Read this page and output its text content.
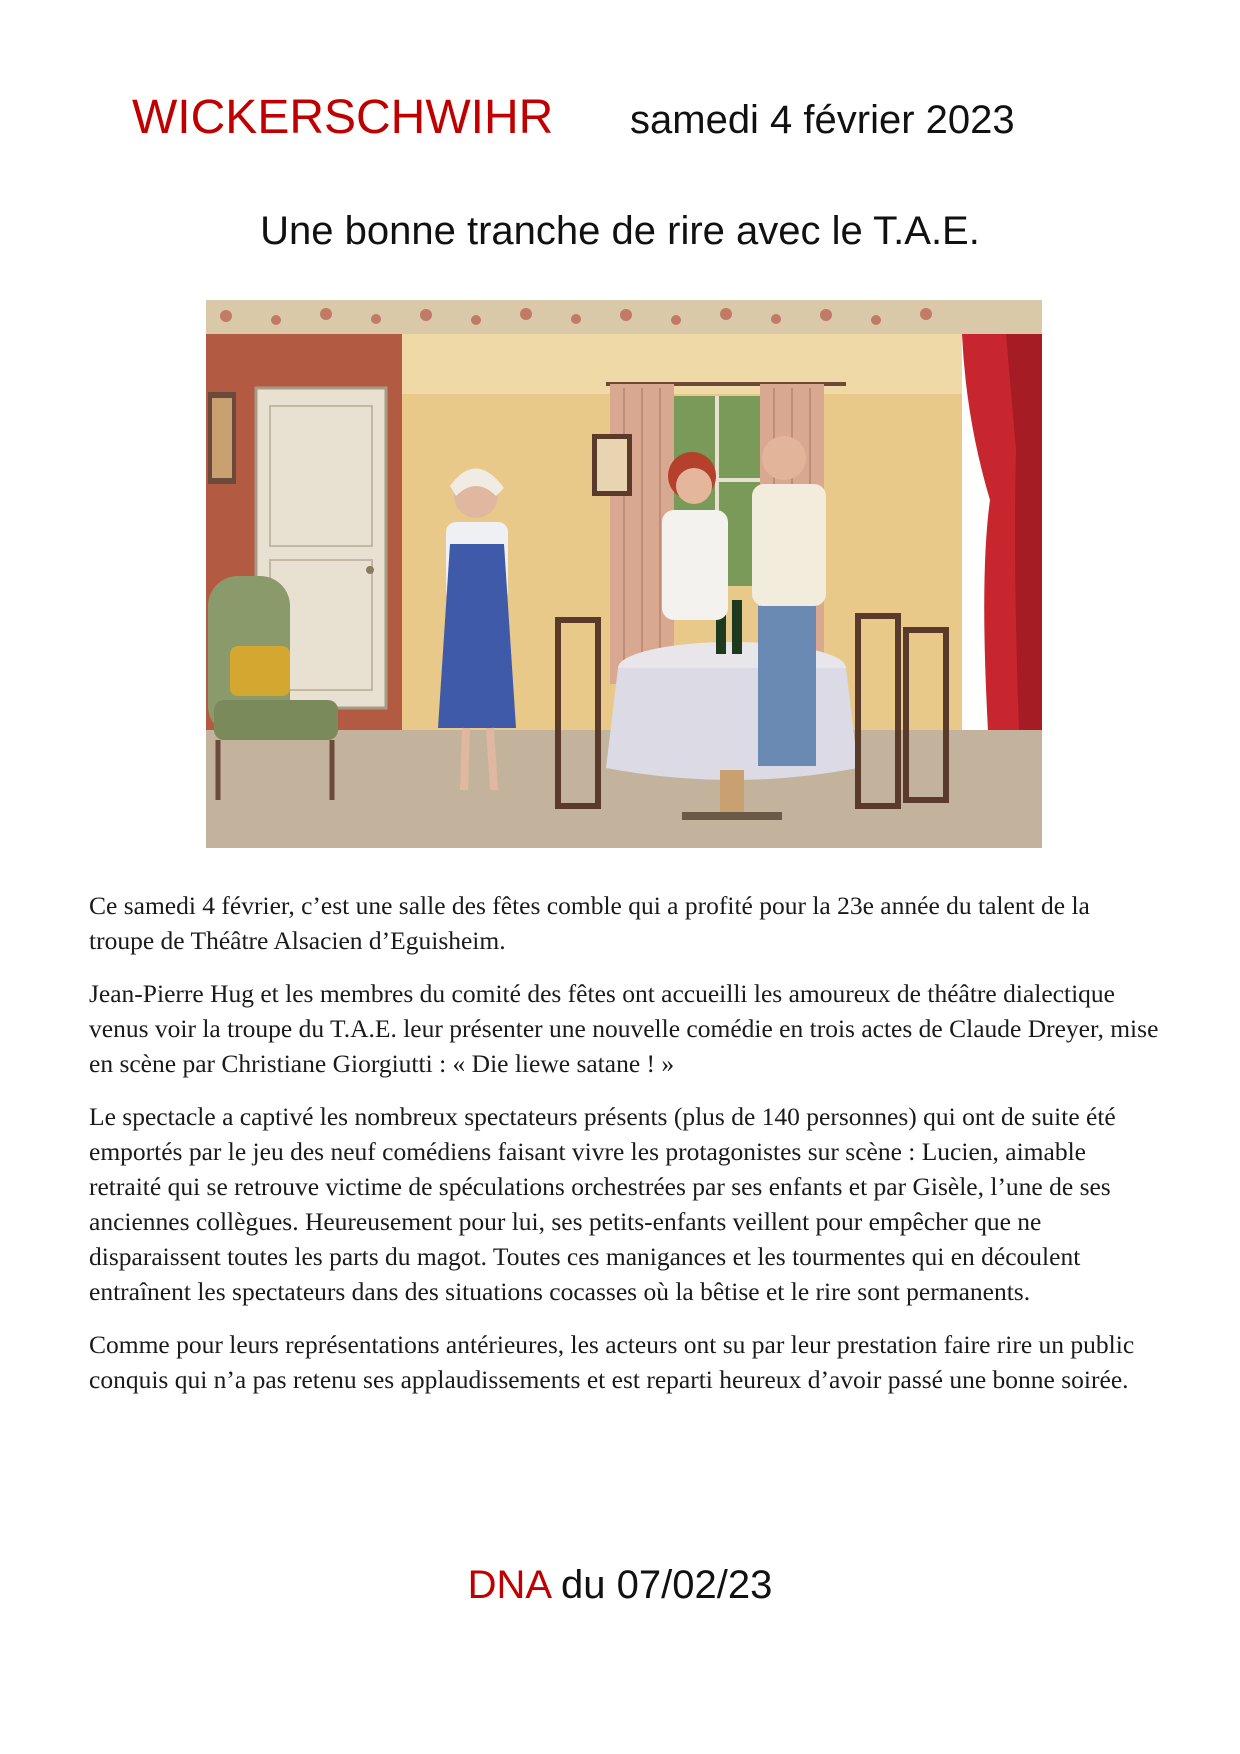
WICKERSCHWIHR samedi 4 février 2023
Une bonne tranche de rire avec le T.A.E.

Ce samedi 4 février, c’est une salle des fêtes comble qui a profité pour la 23e année du talent de la troupe de Théâtre Alsacien d’Eguisheim.

Jean-Pierre Hug et les membres du comité des fêtes ont accueilli les amoureux de théâtre dialectique venus voir la troupe du T.A.E. leur présenter une nouvelle comédie en trois actes de Claude Dreyer, mise en scène par Christiane Giorgiutti : « Die liewe satane ! »

Le spectacle a captivé les nombreux spectateurs présents (plus de 140 personnes) qui ont de suite été emportés par le jeu des neuf comédiens faisant vivre les protagonistes sur scène : Lucien, aimable retraité qui se retrouve victime de spéculations orchestrées par ses enfants et par Gisèle, l’une de ses anciennes collègues. Heureusement pour lui, ses petits-enfants veillent pour empêcher que ne disparaissent toutes les parts du magot. Toutes ces manigances et les tourmentes qui en découlent entraînent les spectateurs dans des situations cocasses où la bêtise et le rire sont permanents.

Comme pour leurs représentations antérieures, les acteurs ont su par leur prestation faire rire un public conquis qui n’a pas retenu ses applaudissements et est reparti heureux d’avoir passé une bonne soirée.

DNA du 07/02/23
